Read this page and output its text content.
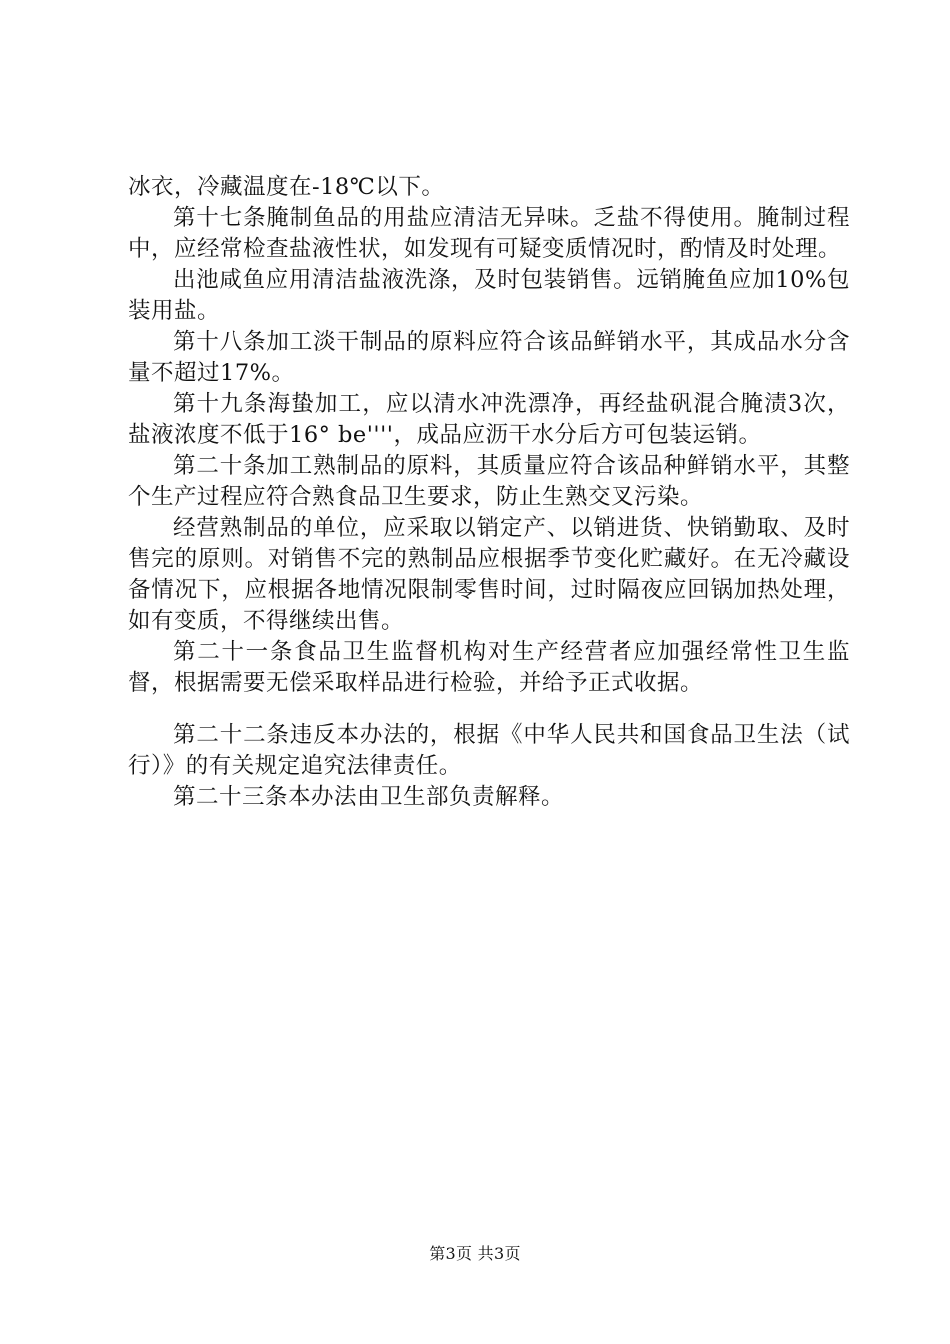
冰衣，冷藏温度在-18℃以下。

第十七条腌制鱼品的用盐应清洁无异味。乏盐不得使用。腌制过程中，应经常检查盐液性状，如发现有可疑变质情况时，酌情及时处理。

出池咸鱼应用清洁盐液洗涤，及时包装销售。远销腌鱼应加10%包装用盐。

第十八条加工淡干制品的原料应符合该品鲜销水平，其成品水分含量不超过17%。

第十九条海蛰加工，应以清水冲洗漂净，再经盐矾混合腌渍3次，盐液浓度不低于16° be''''，成品应沥干水分后方可包装运销。

第二十条加工熟制品的原料，其质量应符合该品种鲜销水平，其整个生产过程应符合熟食品卫生要求，防止生熟交叉污染。

经营熟制品的单位，应采取以销定产、以销进货、快销勤取、及时售完的原则。对销售不完的熟制品应根据季节变化贮藏好。在无冷藏设备情况下，应根据各地情况限制零售时间，过时隔夜应回锅加热处理，如有变质，不得继续出售。

第二十一条食品卫生监督机构对生产经营者应加强经常性卫生监督，根据需要无偿采取样品进行检验，并给予正式收据。

第二十二条违反本办法的，根据《中华人民共和国食品卫生法（试行）》的有关规定追究法律责任。

第二十三条本办法由卫生部负责解释。

第3页 共3页
